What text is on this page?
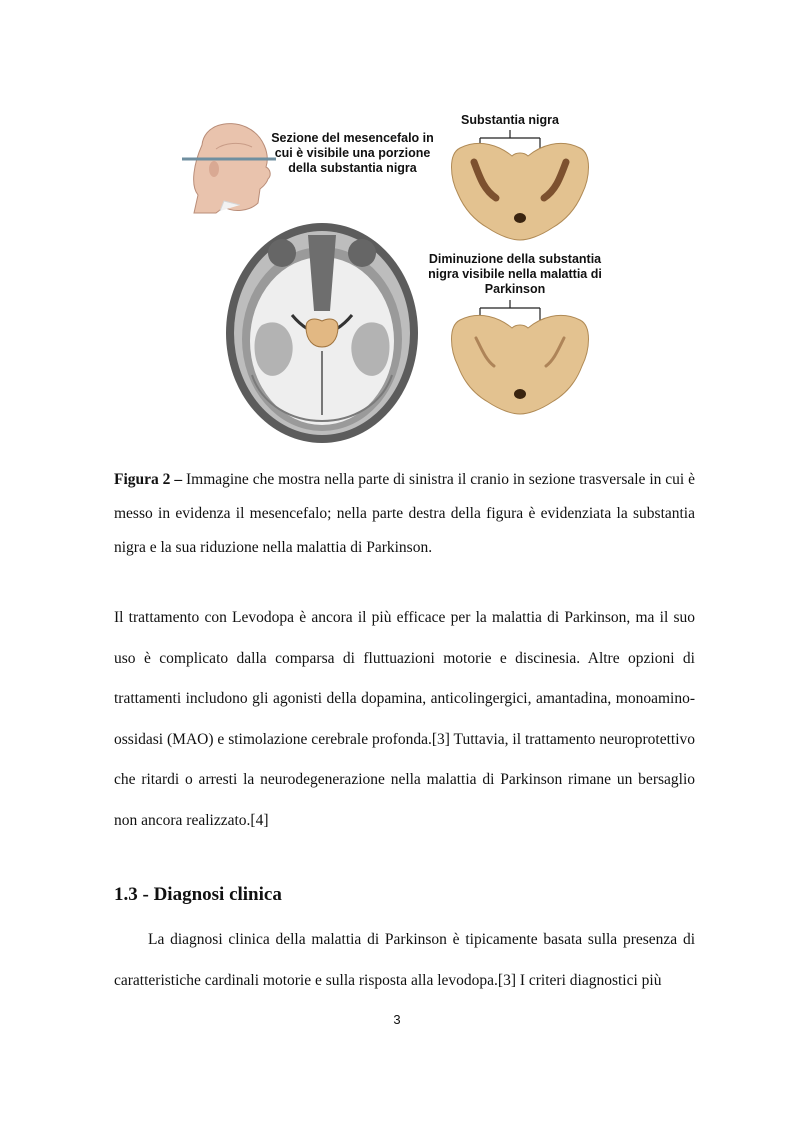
Sezione del mesencefalo in cui è visibile una porzione della substantia nigra
Substantia nigra
Diminuzione della substantia nigra visibile nella malattia di Parkinson
Figura 2 – Immagine che mostra nella parte di sinistra il cranio in sezione trasversale in cui è messo in evidenza il mesencefalo; nella parte destra della figura è evidenziata la substantia nigra e la sua riduzione nella malattia di Parkinson.
Il trattamento con Levodopa è ancora il più efficace per la malattia di Parkinson, ma il suo uso è complicato dalla comparsa di fluttuazioni motorie e discinesia. Altre opzioni di trattamenti includono gli agonisti della dopamina, anticolingergici, amantadina, monoamino-ossidasi (MAO) e stimolazione cerebrale profonda.[3] Tuttavia, il trattamento neuroprotettivo che ritardi o arresti la neurodegenerazione nella malattia di Parkinson rimane un bersaglio non ancora realizzato.[4]
1.3 - Diagnosi clinica
La diagnosi clinica della malattia di Parkinson è tipicamente basata sulla presenza di caratteristiche cardinali motorie e sulla risposta alla levodopa.[3] I criteri diagnostici più
3
